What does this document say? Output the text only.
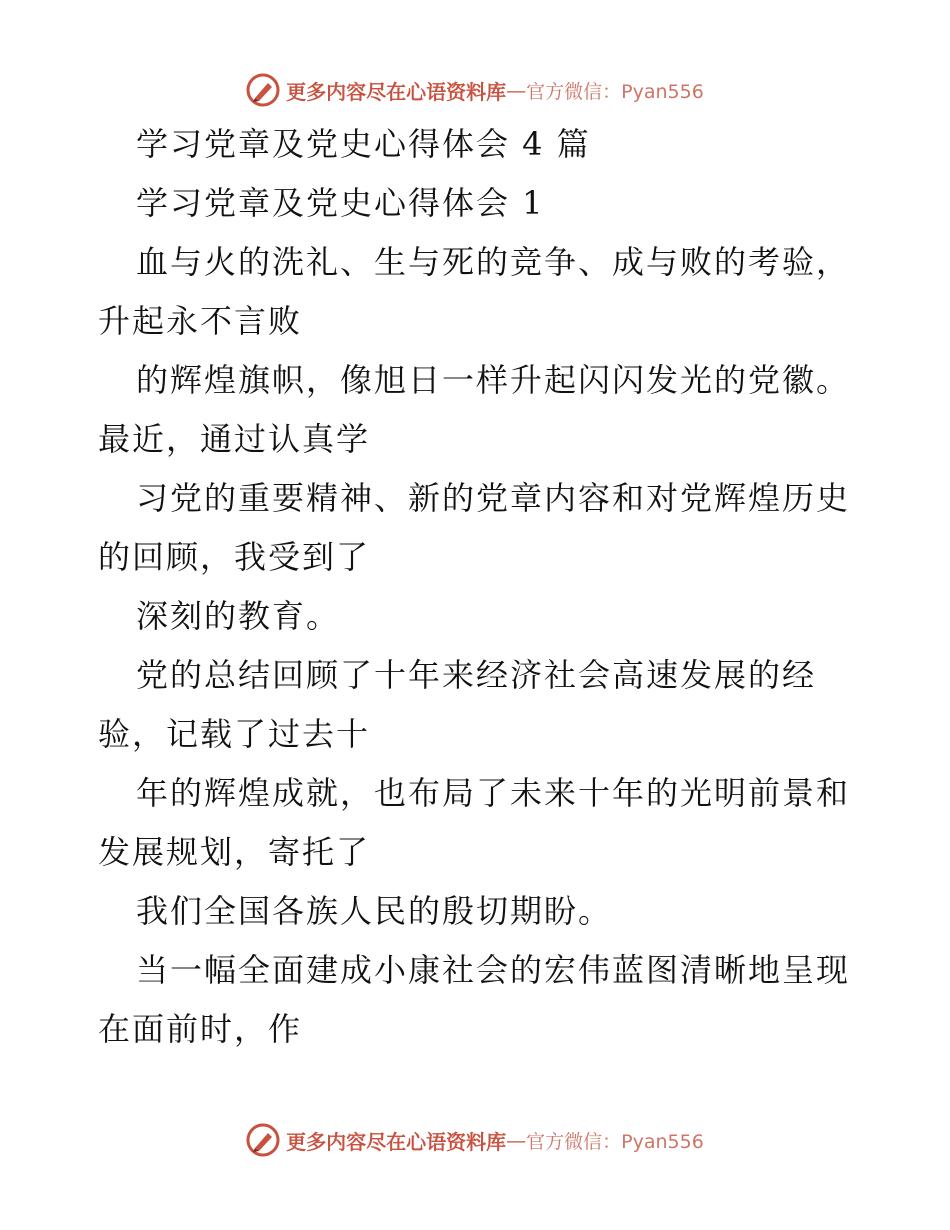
更多内容尽在心语资料库 — 官方微信：Pyan556
学习党章及党史心得体会 4 篇
学习党章及党史心得体会 1
血与火的洗礼、生与死的竞争、成与败的考验，
升起永不言败
的辉煌旗帜，像旭日一样升起闪闪发光的党徽。
最近，通过认真学
习党的重要精神、新的党章内容和对党辉煌历史
的回顾，我受到了
深刻的教育。
党的总结回顾了十年来经济社会高速发展的经
验，记载了过去十
年的辉煌成就，也布局了未来十年的光明前景和
发展规划，寄托了
我们全国各族人民的殷切期盼。
当一幅全面建成小康社会的宏伟蓝图清晰地呈现
在面前时，作
更多内容尽在心语资料库 — 官方微信：Pyan556
